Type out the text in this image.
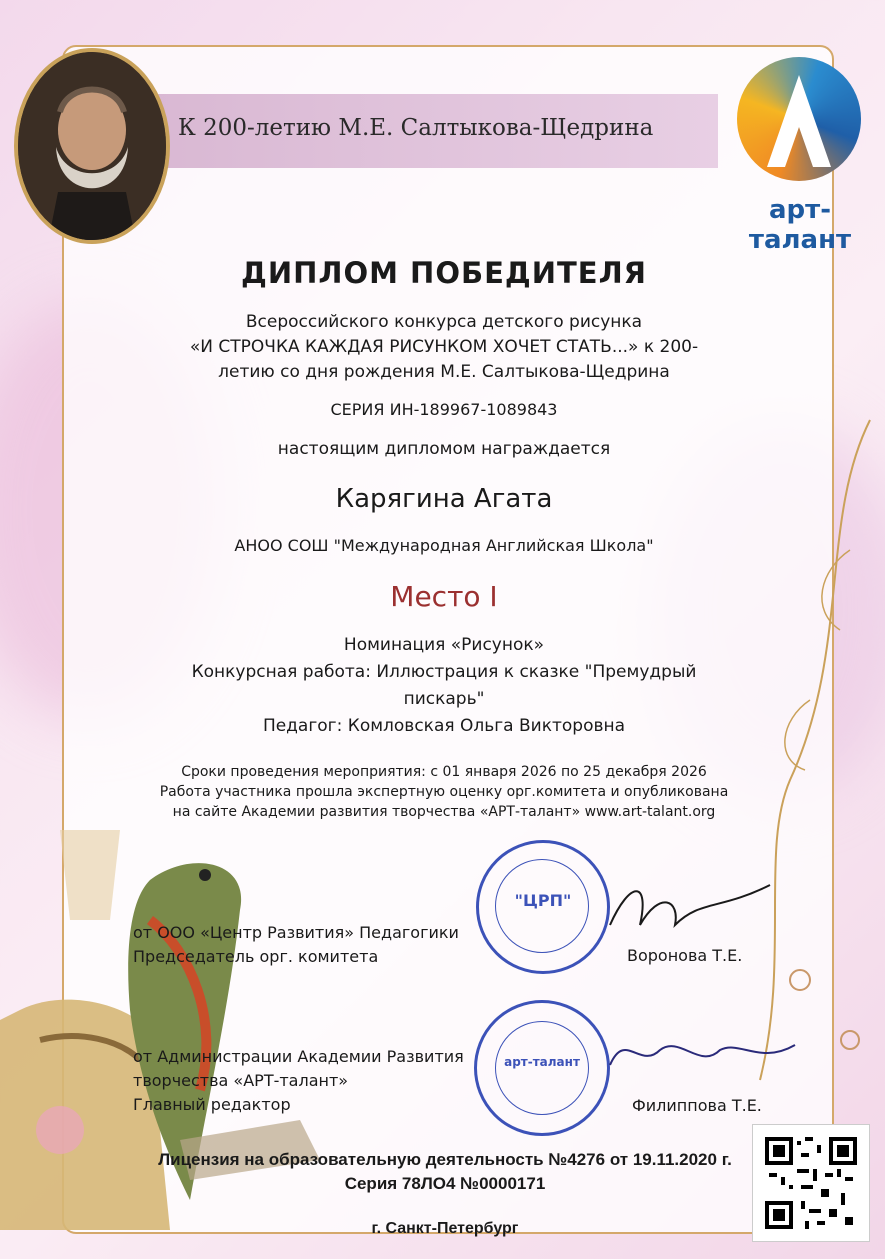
К 200-летию М.Е. Салтыкова-Щедрина
арт-талант
ДИПЛОМ ПОБЕДИТЕЛЯ
Всероссийского конкурса детского рисунка
«И СТРОЧКА КАЖДАЯ РИСУНКОМ ХОЧЕТ СТАТЬ...» к 200-
летию со дня рождения М.Е. Салтыкова-Щедрина
СЕРИЯ ИН-189967-1089843
настоящим дипломом награждается
Карягина Агата
АНОО СОШ "Международная Английская Школа"
Место I
Номинация «Рисунок»
Конкурсная работа: Иллюстрация к сказке "Премудрый
пискарь"
Педагог: Комловская Ольга Викторовна
Сроки проведения мероприятия: с 01 января 2026 по 25 декабря 2026
Работа участника прошла экспертную оценку орг.комитета и опубликована
на сайте Академии развития творчества «АРТ-талант» www.art-talant.org
от ООО «Центр Развития» Педагогики
Председатель орг. комитета
"ЦРП"
Воронова Т.Е.
от Администрации Академии Развития
творчества «АРТ-талант»
Главный редактор
арт-талант
Филиппова Т.Е.
Лицензия на образовательную деятельность №4276 от 19.11.2020 г.
Серия 78ЛО4 №0000171
г. Санкт-Петербург
